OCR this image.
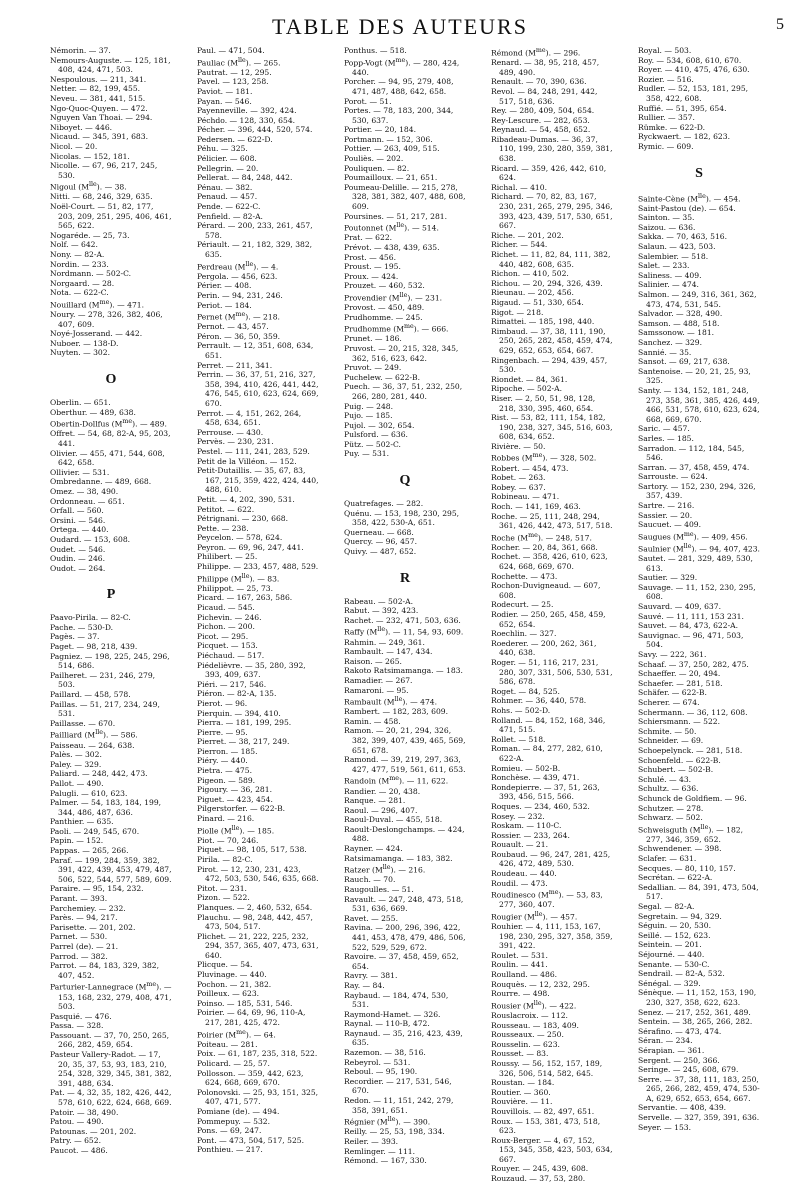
TABLE DES AUTEURS	5
Némorin. — 37.
Nemours-Auguste. — 125, 181, 408, 424, 471, 503.
Nespoulous. — 211, 341.
Netter. — 82, 199, 455.
Neveu. — 381, 441, 515.
Ngo-Quoc-Quyen. — 472.
Nguyen Van Thoai. — 294.
Niboyet. — 446.
Nicaud. — 345, 391, 683.
Nicol. — 20.
Nicolas. — 152, 181.
Nicolle. — 67, 96, 217, 245, 530.
Nigoul $(M^{lle})$. — 38.
Nitti. — 68, 246, 329, 635.
Noël-Court. — 51, 82, 177, 203, 209, 251, 295, 406, 461, 565, 622.
Nogaréde. — 25, 73.
Nolf. — 642.
Nony. — 82-A.
Nordin. — 233.
Nordmann. — 502-C.
Norgaard. — 28.
Nota. — 622-C.
Nouillard $(M^{me})$. — 471.
Noury. — 278, 326, 382, 406, 407, 609.
Noyé-Josserand. — 442.
Nuboer. — 138-D.
Nuyten. — 302.
O
Oberlin. — 651.
Oberthur. — 489, 638.
Obertin-Dollfus $(M^{me})$. — 489.
Offret. — 54, 68, 82-A, 95, 203, 441.
Olivier. — 455, 471, 544, 608, 642, 658.
Ollivier. — 531.
Ombredanne. — 489, 668.
Omez. — 38, 490.
Ordonneau. — 651.
Orfall. — 560.
Orsini. — 546.
Ortega. — 440.
Oudard. — 153, 608.
Oudet. — 546.
Oudin. — 246.
Oudot. — 264.
P
Paavo-Pirila. — 82-C.
Pache. — 530-D.
Pagès. — 37.
Paget. — 98, 218, 439.
Pagniez. — 198, 225, 245, 296, 514, 686.
Pailheret. — 231, 246, 279, 503.
Paillard. — 458, 578.
Paillas. — 51, 217, 234, 249, 531.
Paillasse. — 670.
Pailliard $(M^{lle})$. — 586.
Paisseau. — 264, 638.
Palès. — 302.
Paley. — 329.
Paliard. — 248, 442, 473.
Pallot. — 490.
Palugli. — 610, 623.
Palmer. — 54, 183, 184, 199, 344, 486, 487, 636.
Panthier. — 635.
Paoli. — 249, 545, 670.
Papin. — 152.
Pappas. — 265, 266.
Paraf. — 199, 284, 359, 382, 391, 422, 439, 453, 479, 487, 506, 522, 544, 577, 589, 609.
Paraire. — 95, 154, 232.
Parant. — 393.
Parchemiey. — 232.
Parès. — 94, 217.
Parisette. — 201, 202.
Parnet. — 530.
Parrel (de). — 21.
Parrod. — 382.
Parrot. — 84, 183, 329, 382, 407, 452.
Parturier-Lannegrace $(M^{me})$. — 153, 168, 232, 279, 408, 471, 503.
Pasquié. — 476.
Passa. — 328.
Passouant. — 37, 70, 250, 265, 266, 282, 459, 654.
Pasteur Vallery-Radot. — 17, 20, 35, 37, 53, 93, 183, 210, 254, 328, 329, 345, 381, 382, 391, 488, 634.
Pat. — 4, 32, 35, 182, 426, 442, 578, 610, 622, 624, 668, 669.
Patoir. — 38, 490.
Patou. — 490.
Patounas. — 201, 202.
Patry. — 652.
Paucot. — 486.
Paul. — 471, 504.
Pauliac $(M^{lle})$. — 265.
Pautrat. — 12, 295.
Pavel. — 123, 258.
Paviot. — 181.
Payan. — 546.
Payenneville. — 392, 424.
Péchdo. — 128, 330, 654.
Pécher. — 396, 444, 520, 574.
Pedersen. — 622-D.
Péhu. — 325.
Pélicier. — 608.
Pellegrin. — 20.
Pellerat. — 84, 248, 442.
Pénau. — 382.
Penaud. — 457.
Pende. — 622-C.
Penfield. — 82-A.
Pérard. — 200, 233, 261, 457, 578.
Périault. — 21, 182, 329, 382, 635.
Perdreau $(M^{lle})$. — 4.
Pergola. — 456, 623.
Périer. — 408.
Perin. — 94, 231, 246.
Periot. — 184.
Pernet $(M^{me})$. — 218.
Pernot. — 43, 457.
Péron. — 36, 50, 359.
Perrault. — 12, 351, 608, 634, 651.
Perret. — 211, 341.
Perrin. — 36, 37, 51, 216, 327, 358, 394, 410, 426, 441, 442, 476, 545, 610, 623, 624, 669, 670.
Perrot. — 4, 151, 262, 264, 458, 634, 651.
Perrouse. — 430.
Pervès. — 230, 231.
Pestel. — 111, 241, 283, 529.
Petit de la Villéon. — 152.
Petit-Dutaillis. — 35, 67, 83, 167, 215, 359, 422, 424, 440, 488, 610.
Petit. — 4, 202, 390, 531.
Petitot. — 622.
Pétrignani. — 230, 668.
Pette. — 238.
Peycelon. — 578, 624.
Peyron. — 69, 96, 247, 441.
Philibert. — 25.
Philippe. — 233, 457, 488, 529.
Philippe $(M^{lle})$. — 83.
Philippot. — 25, 73.
Picard. — 167, 263, 586.
Picaud. — 545.
Pichevin. — 246.
Pichon. — 200.
Picot. — 295.
Picquet. — 153.
Piéchaud. — 517.
Piédelièvre. — 35, 280, 392, 393, 409, 637.
Piéri. — 217, 546.
Piéron. — 82-A, 135.
Pierot. — 96.
Pierquin. — 394, 410.
Pierra. — 181, 199, 295.
Pierre. — 95.
Pierret. — 38, 217, 249.
Pierron. — 185.
Piéry. — 440.
Pietra. — 475.
Pigeon. — 589.
Pigoury. — 36, 281.
Piguet. — 423, 454.
Pilgerstorfer. — 622-B.
Pinard. — 216.
Piolle $(M^{lle})$. — 185.
Piot. — 70, 246.
Piquet. — 98, 105, 517, 538.
Pirila. — 82-C.
Pirot. — 12, 230, 231, 423, 472, 503, 530, 546, 635, 668.
Pitot. — 231.
Pizon. — 522.
Planques. — 2, 460, 532, 654.
Plauchu. — 98, 248, 442, 457, 473, 504, 517.
Plichet. — 21, 222, 225, 232, 294, 357, 365, 407, 473, 631, 640.
Plicque. — 54.
Pluvinage. — 440.
Pochon. — 21, 382.
Poilleux. — 623.
Poinso. — 185, 531, 546.
Poirier. — 64, 69, 96, 110-A, 217, 281, 425, 472.
Poirier $(M^{me})$. — 64.
Poiteau. — 281.
Poix. — 61, 187, 235, 318, 522.
Policard. — 25, 57.
Pollosson. — 359, 442, 623, 624, 668, 669, 670.
Polonovski. — 25, 93, 151, 325, 407, 471, 577.
Pomiane (de). — 494.
Pommepuy. — 532.
Pons. — 69, 247.
Pont. — 473, 504, 517, 525.
Ponthieu. — 217.
Ponthus. — 518.
Popp-Vogt $(M^{me})$. — 280, 424, 440.
Porcher. — 94, 95, 279, 408, 471, 487, 488, 642, 658.
Porot. — 51.
Portes. — 78, 183, 200, 344, 530, 637.
Portier. — 20, 184.
Portmann. — 152, 306.
Pottier. — 263, 409, 515.
Pouliès. — 202.
Pouliquen. — 82.
Poumailloux. — 21, 651.
Poumeau-Delille. — 215, 278, 328, 381, 382, 407, 488, 608, 609.
Poursines. — 51, 217, 281.
Poutonnet $(M^{lle})$. — 514.
Prat. — 622.
Prévot. — 438, 439, 635.
Prost. — 456.
Proust. — 195.
Proux. — 424.
Prouzet. — 460, 532.
Provendier $(M^{lle})$. — 231.
Provost. — 450, 489.
Prudhomme. — 245.
Prudhomme $(M^{me})$. — 666.
Prunet. — 186.
Pruvost. — 20, 215, 328, 345, 362, 516, 623, 642.
Pruvot. — 249.
Puchelew. — 622-B.
Puech. — 36, 37, 51, 232, 250, 266, 280, 281, 440.
Puig. — 248.
Pujo. — 185.
Pujol. — 302, 654.
Pulsford. — 636.
Pütz. — 502-C.
Puy. — 531.
Q
Quatrefages. — 282.
Quénu. — 153, 198, 230, 295, 358, 422, 530-A, 651.
Querneau. — 668.
Quercy. — 96, 457.
Quivy. — 487, 652.
R
Rabeau. — 502-A.
Rabut. — 392, 423.
Rachet. — 232, 471, 503, 636.
Raffy $(M^{lle})$. — 11, 54, 93, 609.
Rahmin. — 249, 361.
Rambault. — 147, 434.
Raison. — 265.
Rakoto Ratsimamanga. — 183.
Ramadier. — 267.
Ramaroni. — 95.
Rambault $(M^{lle})$. — 474.
Rambert. — 182, 283, 609.
Ramin. — 458.
Ramon. — 20, 21, 294, 326, 382, 399, 407, 439, 465, 569, 651, 678.
Ramond. — 39, 219, 297, 363, 427, 477, 519, 561, 611, 653.
Randoin $(M^{me})$. — 11, 622.
Randier. — 20, 438.
Ranque. — 281.
Raoul. — 296, 407.
Raoul-Duval. — 455, 518.
Raoult-Deslongchamps. — 424, 488.
Rayner. — 424.
Ratsimamanga. — 183, 382.
Ratzer $(M^{lle})$. — 216.
Rauch. — 70.
Raugoulles. — 51.
Ravault. — 247, 248, 473, 518, 531, 636, 669.
Ravet. — 255.
Ravina. — 200, 296, 396, 422, 441, 453, 478, 479, 486, 506, 522, 529, 529, 672.
Ravoire. — 37, 458, 459, 652, 654.
Ravry. — 381.
Ray. — 84.
Raybaud. — 184, 474, 530, 531.
Raymond-Hamet. — 326.
Raynal. — 110-B, 472.
Raynaud. — 35, 216, 423, 439, 635.
Razemon. — 38, 516.
Rebeyrol. — 531.
Reboul. — 95, 190.
Recordier. — 217, 531, 546, 670.
Redon. — 11, 151, 242, 279, 358, 391, 651.
Régnier $(M^{lle})$. — 390.
Reilly. — 25, 53, 198, 334.
Reiler. — 393.
Remlinger. — 111.
Rémond. — 167, 330.
Rémond $(M^{me})$. — 296.
Renard. — 38, 95, 218, 457, 489, 490.
Renault. — 70, 390, 636.
Revol. — 84, 248, 291, 442, 517, 518, 636.
Rey. — 280, 409, 504, 654.
Rey-Lescure. — 282, 653.
Reynaud. — 54, 458, 652.
Ribadeau-Dumas. — 36, 37, 110, 199, 230, 280, 359, 381, 638.
Ricard. — 359, 426, 442, 610, 624.
Richal. — 410.
Richard. — 70, 82, 83, 167, 230, 231, 265, 279, 295, 346, 393, 423, 439, 517, 530, 651, 667.
Riche. — 201, 202.
Richer. — 544.
Richet. — 11, 82, 84, 111, 382, 440, 482, 608, 635.
Richon. — 410, 502.
Richou. — 20, 294, 326, 439.
Rieunau. — 202, 456.
Rigaud. — 51, 330, 654.
Rigot. — 218.
Rimattei. — 185, 198, 440.
Rimbaud. — 37, 38, 111, 190, 250, 265, 282, 458, 459, 474, 629, 652, 653, 654, 667.
Ringenbach. — 294, 439, 457, 530.
Riondet. — 84, 361.
Ripoche. — 502-A.
Riser. — 2, 50, 51, 98, 128, 218, 330, 395, 460, 654.
Rist. — 53, 82, 111, 154, 182, 190, 238, 327, 345, 516, 603, 608, 634, 652.
Rivière. — 50.
Robbes $(M^{me})$. — 328, 502.
Robert. — 454, 473.
Robet. — 263.
Robey. — 637.
Robineau. — 471.
Roch. — 141, 169, 463.
Roche. — 25, 111, 248, 294, 361, 426, 442, 473, 517, 518.
Roche $(M^{me})$. — 248, 517.
Rocher. — 20, 84, 361, 668.
Rochet. — 358, 426, 610, 623, 624, 668, 669, 670.
Rochette. — 473.
Rochon-Duvigneaud. — 607, 608.
Rodecurt. — 25.
Rodier. — 250, 265, 458, 459, 652, 654.
Roechlin. — 327.
Roederer. — 200, 262, 361, 440, 638.
Roger. — 51, 116, 217, 231, 280, 307, 331, 506, 530, 531, 586, 678.
Roget. — 84, 525.
Rohmer. — 36, 440, 578.
Rohs. — 502-D.
Rolland. — 84, 152, 168, 346, 471, 515.
Rollet. — 518.
Roman. — 84, 277, 282, 610, 622-A.
Romieu. — 502-B.
Ronchèse. — 439, 471.
Rondepierre. — 37, 51, 263, 393, 456, 515, 566.
Roques. — 234, 460, 532.
Rosey. — 232.
Roskam. — 110-C.
Rossier. — 233, 264.
Rouault. — 21.
Roubaud. — 96, 247, 281, 425, 426, 472, 489, 530.
Roudeau. — 440.
Roudil. — 473.
Roudinesco $(M^{me})$. — 53, 83, 277, 360, 407.
Rougier $(M^{lle})$. — 457.
Rouhier. — 4, 111, 153, 167, 198, 230, 295, 327, 358, 359, 391, 422.
Roulet. — 531.
Roulin. — 441.
Roulland. — 486.
Rouquès. — 12, 232, 295.
Rourre. — 498.
Rousier $(M^{lle})$. — 422.
Rouslacroix. — 112.
Rousseau. — 183, 409.
Rousseaux. — 250.
Rousselin. — 623.
Rousset. — 83.
Roussy. — 56, 152, 157, 189, 326, 506, 514, 582, 645.
Roustan. — 184.
Routier. — 360.
Rouvière. — 11.
Rouvillois. — 82, 497, 651.
Roux. — 153, 381, 473, 518, 623.
Roux-Berger. — 4, 67, 152, 153, 345, 358, 423, 503, 634, 667.
Rouyer. — 245, 439, 608.
Rouzaud. — 37, 53, 280.
Royal. — 503.
Roy. — 534, 608, 610, 670.
Royer. — 410, 475, 476, 630.
Rozier. — 516.
Rudler. — 52, 153, 181, 295, 358, 422, 608.
Ruffié. — 51, 395, 654.
Rullier. — 357.
Rümke. — 622-D.
Ryckwaert. — 182, 623.
Rymic. — 609.
S
Sainte-Cène $(M^{lle})$. — 454.
Saint-Pastou (de). — 654.
Sainton. — 35.
Saizou. — 636.
Sakka. — 70, 463, 516.
Salaun. — 423, 503.
Salembier. — 518.
Salet. — 233.
Saliness. — 409.
Salinier. — 474.
Salmon. — 249, 316, 361, 362, 473, 474, 531, 545.
Salvador. — 328, 490.
Samson. — 488, 518.
Samssonow. — 181.
Sanchez. — 329.
Sannié. — 35.
Sansot. — 69, 217, 638.
Santenoise. — 20, 21, 25, 93, 325.
Santy. — 134, 152, 181, 248, 273, 358, 361, 385, 426, 449, 466, 531, 578, 610, 623, 624, 668, 669, 670.
Saric. — 457.
Sarles. — 185.
Sarradon. — 112, 184, 545, 546.
Sarran. — 37, 458, 459, 474.
Sarrouste. — 624.
Sartory. — 152, 230, 294, 326, 357, 439.
Sartre. — 216.
Sassier. — 20.
Saucuet. — 409.
Saugues $(M^{me})$. — 409, 456.
Saulnier $(M^{lle})$. — 94, 407, 423.
Sautet. — 281, 329, 489, 530, 613.
Sautier. — 329.
Sauvage. — 11, 152, 230, 295, 608.
Sauvard. — 409, 637.
Sauvé. — 11, 111, 153 231.
Sauvet. — 84, 473, 622-A.
Sauvignac. — 96, 471, 503, 504.
Savy. — 222, 361.
Schaaf. — 37, 250, 282, 475.
Schaeffer. — 20, 494.
Schaefer. — 281, 518.
Schäfer. — 622-B.
Scherer. — 674.
Schermann. — 36, 112, 608.
Schiersmann. — 522.
Schmite. — 50.
Schneider. — 69.
Schoepelynck. — 281, 518.
Schoenfeld. — 622-B.
Schubert. — 502-B.
Schulé. — 43.
Schultz. — 636.
Schunck de Goldfiem. — 96.
Schutzer. — 278.
Schwarz. — 502.
Schweisguth $(M^{lle})$. — 182, 277, 346, 359, 652.
Schwendener. — 398.
Sclafer. — 631.
Secques. — 80, 110, 157.
Secrétan. — 622-A.
Sedallian. — 84, 391, 473, 504, 517.
Segal. — 82-A.
Segretain. — 94, 329.
Séguin. — 20, 530.
Seillé. — 152, 623.
Seintein. — 201.
Séjourné. — 440.
Senante. — 530-C.
Sendrail. — 82-A, 532.
Sénégal. — 329.
Sénèque. — 11, 152, 153, 190, 230, 327, 358, 622, 623.
Senez. — 217, 252, 361, 489.
Sentein. — 38, 265, 266, 282.
Sérafino. — 473, 474.
Séran. — 234.
Sérapian. — 361.
Sergent. — 250, 366.
Seringe. — 245, 608, 679.
Serre. — 37, 38, 111, 183, 250, 265, 266, 282, 459, 474, 530-A, 629, 652, 653, 654, 667.
Servantie. — 408, 439.
Servelle. — 327, 359, 391, 636.
Seyer. — 153.
